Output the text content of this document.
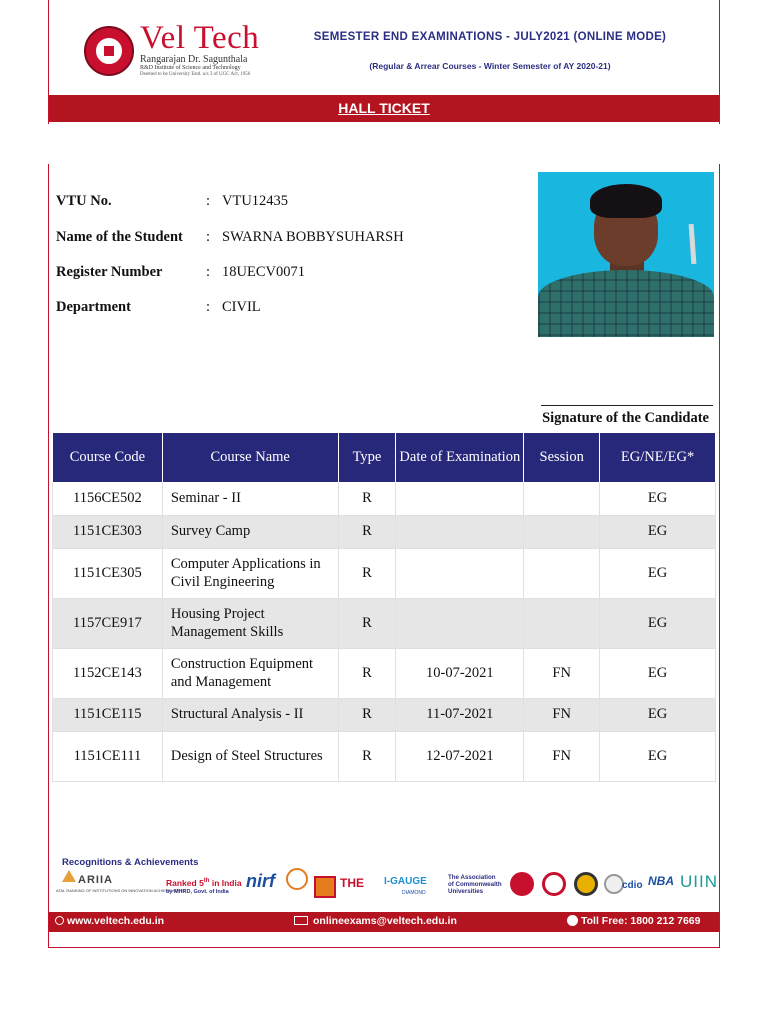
Vel Tech
Rangarajan Dr. Sagunthala
R&D Institute of Science and Technology
Deemed to be University Estd. u/s 3 of UGC Act, 1956
SEMESTER END EXAMINATIONS - JULY2021 (ONLINE MODE)
(Regular & Arrear Courses - Winter Semester of AY 2020-21)
HALL TICKET
VTU No.	: VTU12435
Name of the Student : SWARNA BOBBYSUHARSH
Register Number	: 18UECV0071
Department	: CIVIL
Signature of the Candidate
Course Code	Course Name	Type	Date of Examination	Session	EG/NE/EG*
1156CE502	Seminar - II	R			EG
1151CE303	Survey Camp	R			EG
1151CE305	Computer Applications in Civil Engineering	R			EG
1157CE917	Housing Project Management Skills	R			EG
1152CE143	Construction Equipment and Management	R	10-07-2021	FN	EG
1151CE115	Structural Analysis - II	R	11-07-2021	FN	EG
1151CE111	Design of Steel Structures	R	12-07-2021	FN	EG
Recognitions & Achievements
ARIIA
ATAL RANKING OF INSTITUTIONS ON INNOVATION ACHIEVEMENTS
Ranked 5th in India
by MHRD, Govt. of India
nirf	THE I-GAUGE
DIAMOND
The Association
of Commonwealth
Universities
cdio NBA UIIN
www.veltech.edu.in	onlineexams@veltech.edu.in	Toll Free: 1800 212 7669
